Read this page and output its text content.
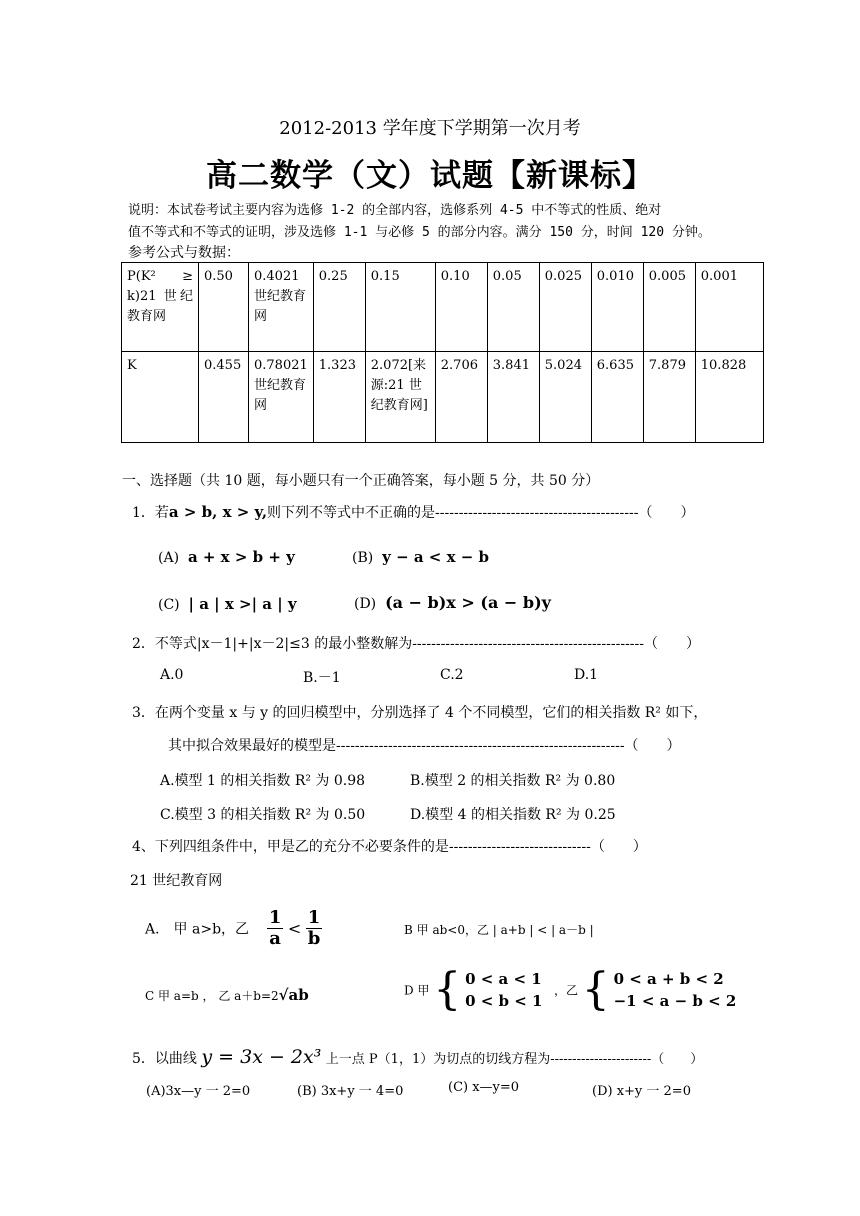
2012-2013 学年度下学期第一次月考
高二数学（文）试题【新课标】
说明：本试卷考试主要内容为选修 1-2 的全部内容，选修系列 4-5 中不等式的性质、绝对
值不等式和不等式的证明，涉及选修 1-1 与必修 5 的部分内容。满分 150 分，时间 120 分钟。
参考公式与数据：
P(K² ≥ k)21 世纪教育网	0.50	0.4021世纪教育网	0.25	0.15	0.10	0.05	0.025	0.010	0.005	0.001
K	0.455	0.78021世纪教育网	1.323	2.072[来源:21 世纪教育网]	2.706	3.841	5.024	6.635	7.879	10.828
一、选择题（共 10 题，每小题只有一个正确答案，每小题 5 分，共 50 分）
1．若a > b, x > y,则下列不等式中不正确的是-------------------------------------------（　　）
(A) a + x > b + y	(B) y − a < x − b
(C) | a | x >| a | y	(D) (a − b)x > (a − b)y
2．不等式|x－1|+|x－2|≤3 的最小整数解为-------------------------------------------------（　　）
A.0	B.－1	C.2	D.1
3．在两个变量 x 与 y 的回归模型中，分别选择了 4 个不同模型，它们的相关指数 R² 如下，
其中拟合效果最好的模型是-------------------------------------------------------------（　　）
A.模型 1 的相关指数 R² 为 0.98	B.模型 2 的相关指数 R² 为 0.80
C.模型 3 的相关指数 R² 为 0.50	D.模型 4 的相关指数 R² 为 0.25
4、下列四组条件中，甲是乙的充分不必要条件的是------------------------------（　　）
21 世纪教育网
A． 甲 a>b，乙 $\frac{1}{a} < \frac{1}{b}$	B 甲 ab<0，乙 | a+b | < | a－b |
C 甲 a=b ， 乙 a＋b=2√ab	D 甲 { 0 < a < 1
0 < b < 1
，乙 { 0 < a + b < 2
−1 < a − b < 2
5．以曲线 y = 3x − 2x³ 上一点 P（1，1）为切点的切线方程为-----------------------（　　）
(A)3x—y 一 2=0	(B) 3x+y 一 4=0	(C) x—y=0	(D) x+y 一 2=0
